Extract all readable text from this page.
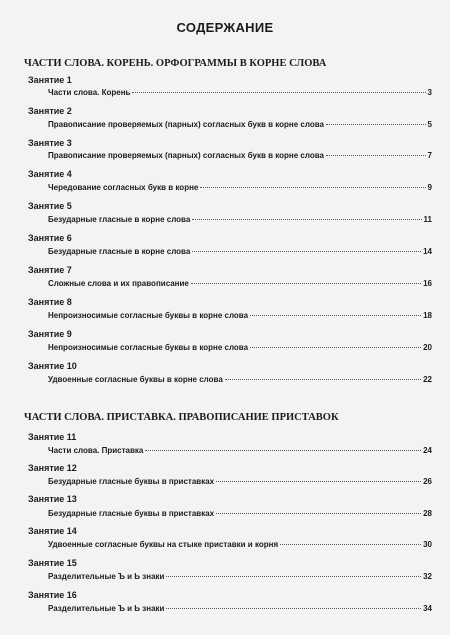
СОДЕРЖАНИЕ
ЧАСТИ СЛОВА. КОРЕНЬ. ОРФОГРАММЫ В КОРНЕ СЛОВА
Занятие 1
Части слова. Корень	3
Занятие 2
Правописание проверяемых (парных) согласных букв в корне слова	5
Занятие 3
Правописание проверяемых (парных) согласных букв в корне слова	7
Занятие 4
Чередование согласных букв в корне	9
Занятие 5
Безударные гласные в корне слова	11
Занятие 6
Безударные гласные в корне слова	14
Занятие 7
Сложные слова и их правописание	16
Занятие 8
Непроизносимые согласные буквы в корне слова	18
Занятие 9
Непроизносимые согласные буквы в корне слова	20
Занятие 10
Удвоенные согласные буквы в корне слова	22
ЧАСТИ СЛОВА. ПРИСТАВКА. ПРАВОПИСАНИЕ ПРИСТАВОК
Занятие 11
Части слова. Приставка	24
Занятие 12
Безударные гласные буквы в приставках	26
Занятие 13
Безударные гласные буквы в приставках	28
Занятие 14
Удвоенные согласные буквы на стыке приставки и корня	30
Занятие 15
Разделительные Ъ и Ь знаки	32
Занятие 16
Разделительные Ъ и Ь знаки	34
